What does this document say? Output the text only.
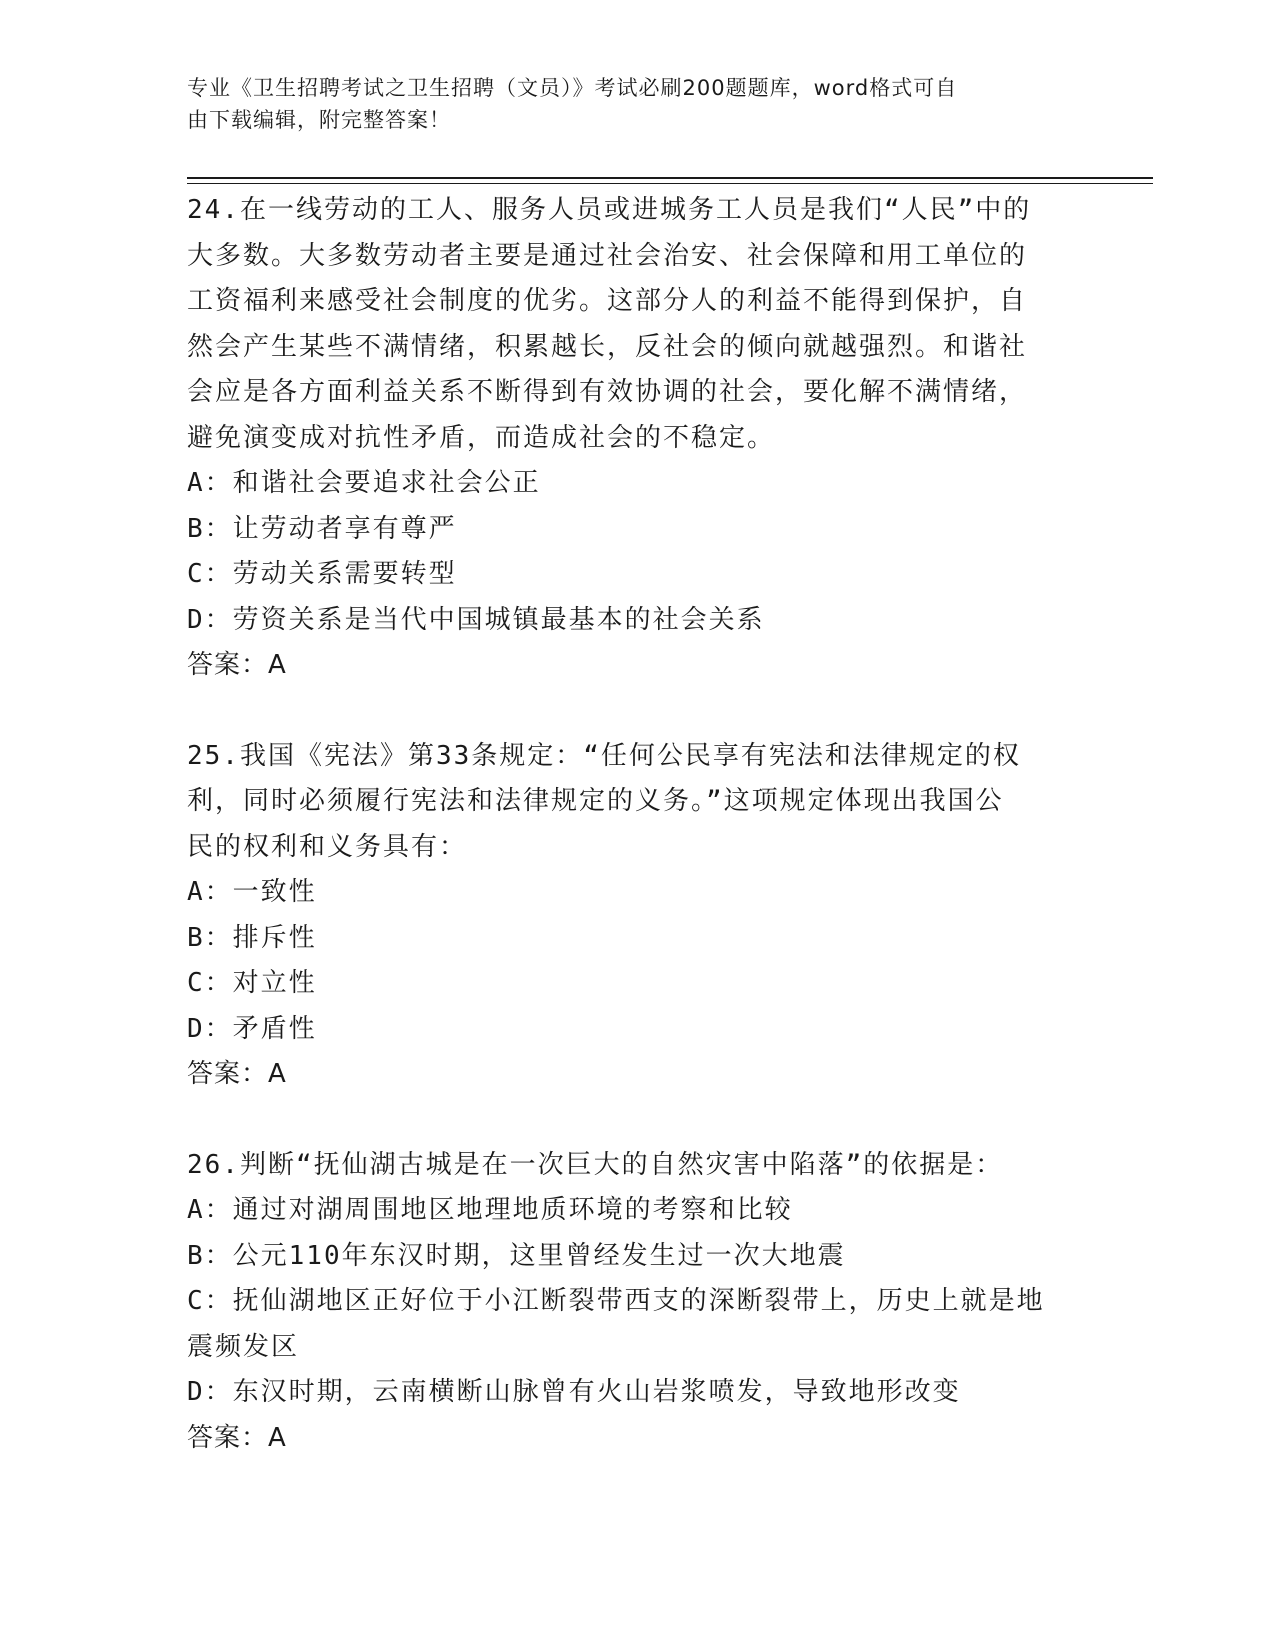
专业《卫生招聘考试之卫生招聘（文员）》考试必刷200题题库，word格式可自
由下载编辑，附完整答案！
24.在一线劳动的工人、服务人员或进城务工人员是我们“人民”中的
大多数。大多数劳动者主要是通过社会治安、社会保障和用工单位的
工资福利来感受社会制度的优劣。这部分人的利益不能得到保护，自
然会产生某些不满情绪，积累越长，反社会的倾向就越强烈。和谐社
会应是各方面利益关系不断得到有效协调的社会，要化解不满情绪，
避免演变成对抗性矛盾，而造成社会的不稳定。
A：和谐社会要追求社会公正
B：让劳动者享有尊严
C：劳动关系需要转型
D：劳资关系是当代中国城镇最基本的社会关系
答案：A
25.我国《宪法》第33条规定：“任何公民享有宪法和法律规定的权
利，同时必须履行宪法和法律规定的义务。”这项规定体现出我国公
民的权利和义务具有：
A：一致性
B：排斥性
C：对立性
D：矛盾性
答案：A
26.判断“抚仙湖古城是在一次巨大的自然灾害中陷落”的依据是：
A：通过对湖周围地区地理地质环境的考察和比较
B：公元110年东汉时期，这里曾经发生过一次大地震
C：抚仙湖地区正好位于小江断裂带西支的深断裂带上，历史上就是地
震频发区
D：东汉时期，云南横断山脉曾有火山岩浆喷发，导致地形改变
答案：A
